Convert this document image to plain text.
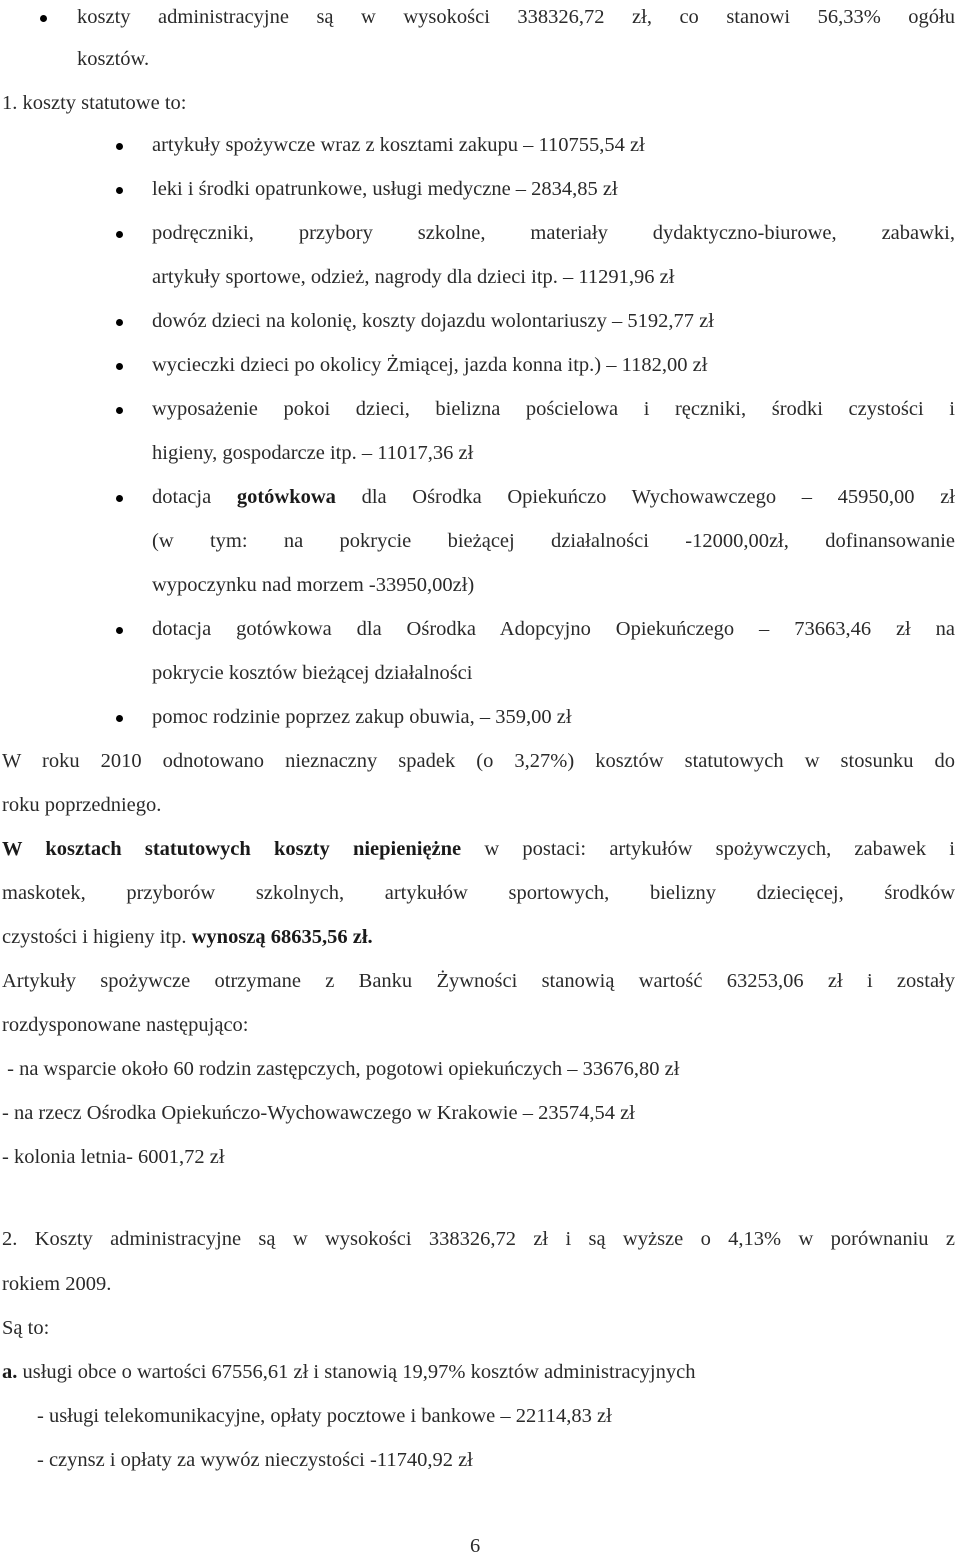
koszty administracyjne są w wysokości 338326,72 zł, co stanowi 56,33% ogółu
kosztów.
1. koszty statutowe to:
artykuły spożywcze wraz z kosztami zakupu – 110755,54 zł
leki i środki opatrunkowe, usługi medyczne – 2834,85 zł
podręczniki, przybory szkolne, materiały dydaktyczno-biurowe, zabawki,
artykuły sportowe, odzież, nagrody dla dzieci itp. – 11291,96 zł
dowóz dzieci na kolonię, koszty dojazdu wolontariuszy – 5192,77 zł
wycieczki dzieci po okolicy Żmiącej, jazda konna itp.) – 1182,00 zł
wyposażenie pokoi dzieci, bielizna pościelowa i ręczniki, środki czystości i
higieny, gospodarcze itp. – 11017,36 zł
dotacja gotówkowa dla Ośrodka Opiekuńczo Wychowawczego – 45950,00 zł
(w tym: na pokrycie bieżącej działalności -12000,00zł, dofinansowanie
wypoczynku nad morzem -33950,00zł)
dotacja gotówkowa dla Ośrodka Adopcyjno Opiekuńczego – 73663,46 zł na
pokrycie kosztów bieżącej działalności
pomoc rodzinie poprzez zakup obuwia, – 359,00 zł
W roku 2010 odnotowano nieznaczny spadek (o 3,27%) kosztów statutowych w stosunku do
roku poprzedniego.
W kosztach statutowych koszty niepieniężne w postaci: artykułów spożywczych, zabawek i
maskotek, przyborów szkolnych, artykułów sportowych, bielizny dziecięcej, środków
czystości i higieny itp. wynoszą 68635,56 zł.
Artykuły spożywcze otrzymane z Banku Żywności stanowią wartość 63253,06 zł i zostały
rozdysponowane następująco:
- na wsparcie około 60 rodzin zastępczych, pogotowi opiekuńczych – 33676,80 zł
- na rzecz Ośrodka Opiekuńczo-Wychowawczego w Krakowie – 23574,54 zł
- kolonia letnia- 6001,72 zł
2. Koszty administracyjne są w wysokości 338326,72 zł i są wyższe o 4,13% w porównaniu z
rokiem 2009.
Są to:
a. usługi obce o wartości 67556,61 zł i stanowią 19,97% kosztów administracyjnych
- usługi telekomunikacyjne, opłaty pocztowe i bankowe – 22114,83 zł
- czynsz i opłaty za wywóz nieczystości -11740,92 zł
6
